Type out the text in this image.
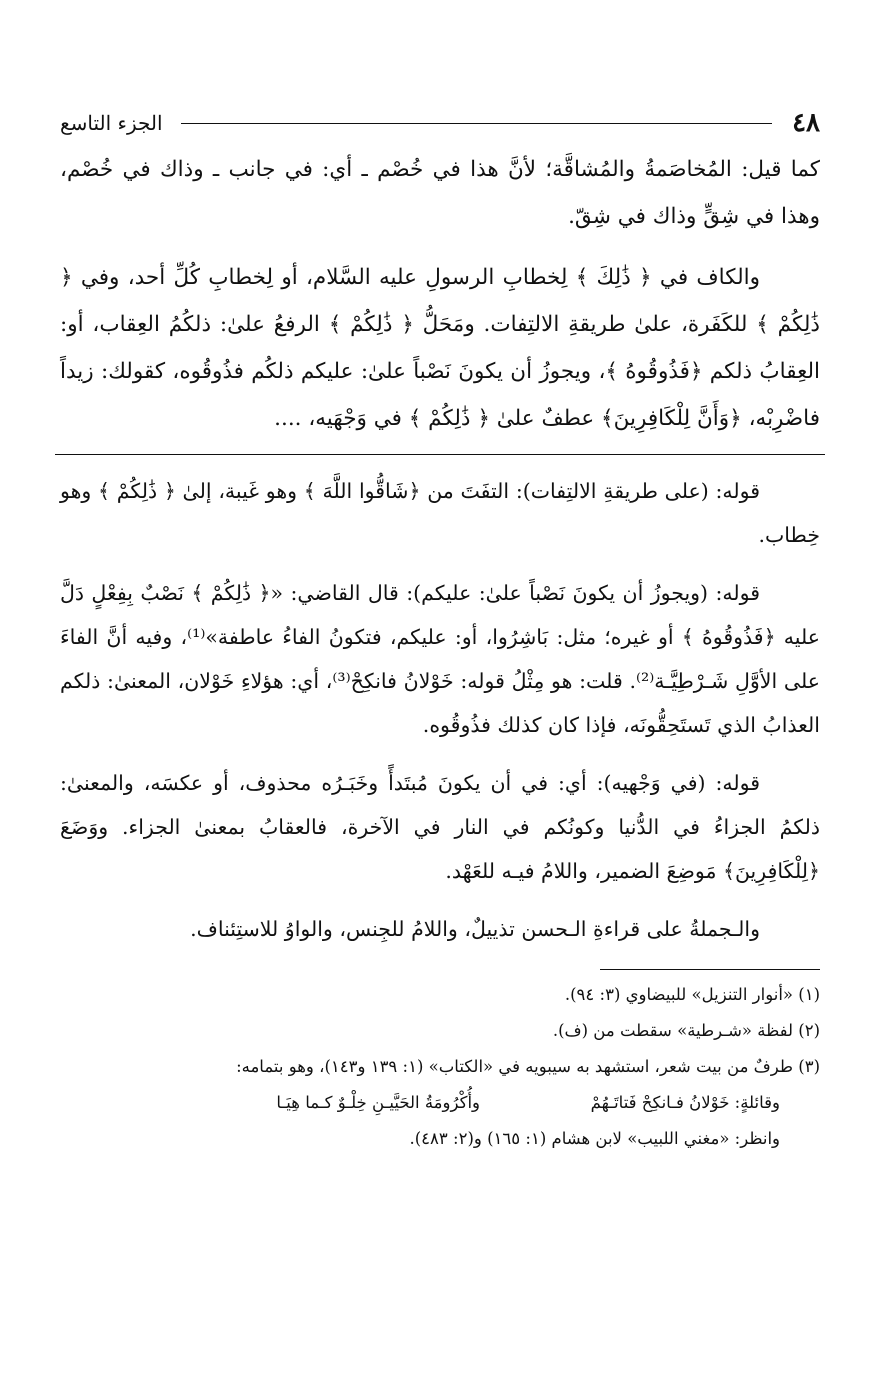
٤٨
الجزء التاسع

كما قيل: المُخاصَمةُ والمُشاقَّة؛ لأنَّ هذا في خُصْم ـ أي: في جانب ـ وذاك في خُصْم، وهذا في شِقٍّ وذاك في شِقّ.

والكاف في ﴿ ذَٰلِكَ ﴾ لِخطابِ الرسولِ عليه السَّلام، أو لِخطابِ كُلِّ أحد، وفي ﴿ ذَٰلِكُمْ ﴾ للكَفَرة، علىٰ طريقةِ الالتِفات. ومَحَلُّ ﴿ ذَٰلِكُمْ ﴾ الرفعُ علىٰ: ذلكُمُ العِقاب، أو: العِقابُ ذلكم ﴿فَذُوقُوهُ ﴾، ويجوزُ أن يكونَ نَصْباً علىٰ: عليكم ذلكُم فذُوقُوه، كقولك: زيداً فاضْرِبْه، ﴿وَأَنَّ لِلْكَافِرِينَ﴾ عطفٌ علىٰ ﴿ ذَٰلِكُمْ ﴾ في وَجْهَيه، ....

قوله: (على طريقةِ الالتِفات): التفَتَ من ﴿شَاقُّوا اللَّهَ ﴾ وهو غَيبة، إلىٰ ﴿ ذَٰلِكُمْ ﴾ وهو خِطاب.

قوله: (ويجوزُ أن يكونَ نَصْباً علىٰ: عليكم): قال القاضي: «﴿ ذَٰلِكُمْ ﴾ نَصْبٌ بِفِعْلٍ دَلَّ عليه ﴿فَذُوقُوهُ ﴾ أو غيره؛ مثل: بَاشِرُوا، أو: عليكم، فتكونُ الفاءُ عاطفة»⁽¹⁾، وفيه أنَّ الفاءَ على الأوَّلِ شَـرْطِيَّـة⁽²⁾. قلت: هو مِثْلُ قوله: خَوْلانُ فانكِحْ⁽³⁾، أي: هؤلاءِ خَوْلان، المعنىٰ: ذلكم العذابُ الذي تَستَحِقُّونَه، فإذا كان كذلك فذُوقُوه.

قوله: (في وَجْهيه): أي: في أن يكونَ مُبتَدأً وخَبَـرُه محذوف، أو عكسَه، والمعنىٰ: ذلكمُ الجزاءُ في الدُّنيا وكونُكم في النار في الآخرة، فالعقابُ بمعنىٰ الجزاء. ووَضَعَ ﴿لِلْكَافِرِينَ﴾ مَوضِعَ الضمير، واللامُ فيـه للعَهْد.

والـجملةُ على قراءةِ الـحسن تذييلٌ، واللامُ للجِنس، والواوُ للاستِئناف.

(١) «أنوار التنزيل» للبيضاوي (٣: ٩٤).

(٢) لفظة «شـرطية» سقطت من (ف).

(٣) طرفٌ من بيت شعر، استشهد به سيبويه في «الكتاب» (١: ١٣٩ و١٤٣)، وهو بتمامه:

وقائلةٍ: خَوْلانُ فـانكِحْ فَتاتَـهُمْ
وأُكْرُومَةُ الحَيَّيـنِ خِلْـوٌ كـما هِيَـا

وانظر: «مغني اللبيب» لابن هشام (١: ١٦٥) و(٢: ٤٨٣).
